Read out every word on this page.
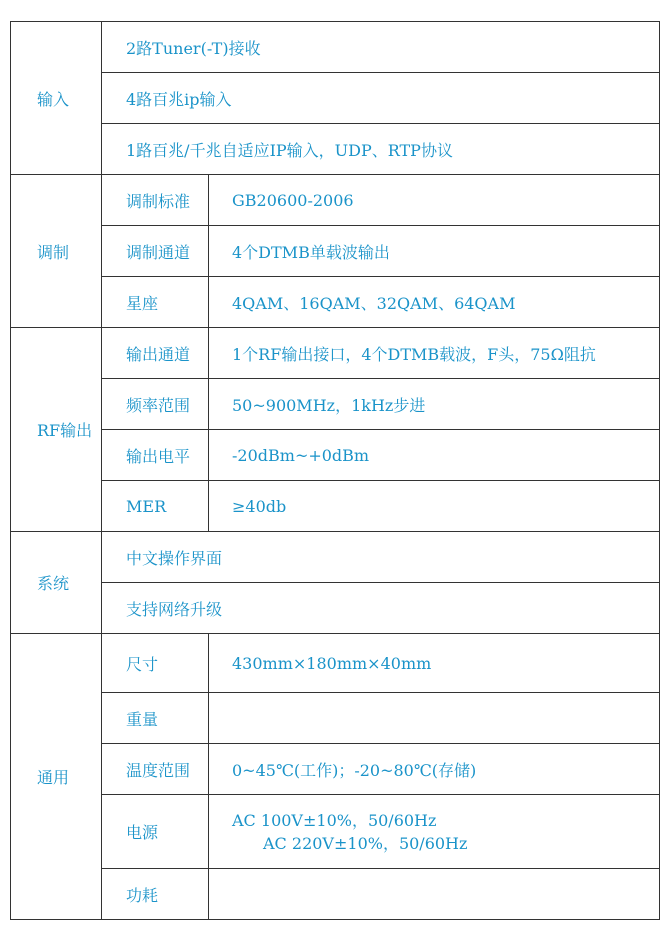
输入	2路Tuner(-T)接收	
	4路百兆ip输入	
	1路百兆/千兆自适应IP输入，UDP、RTP协议	
调制	调制标准	GB20600-2006
	调制通道	4个DTMB单载波输出
	星座	4QAM、16QAM、32QAM、64QAM
RF输出	输出通道	1个RF输出接口，4个DTMB载波，F头，75Ω阻抗
	频率范围	50~900MHz，1kHz步进
	输出电平	-20dBm~+0dBm
	MER	≥40db
系统	中文操作界面	
	支持网络升级	
通用	尺寸	430mm×180mm×40mm
	重量	
	温度范围	0~45℃(工作)；-20~80℃(存储)
	电源	AC 100V±10%，50/60Hz
AC 220V±10%，50/60Hz

	功耗	
